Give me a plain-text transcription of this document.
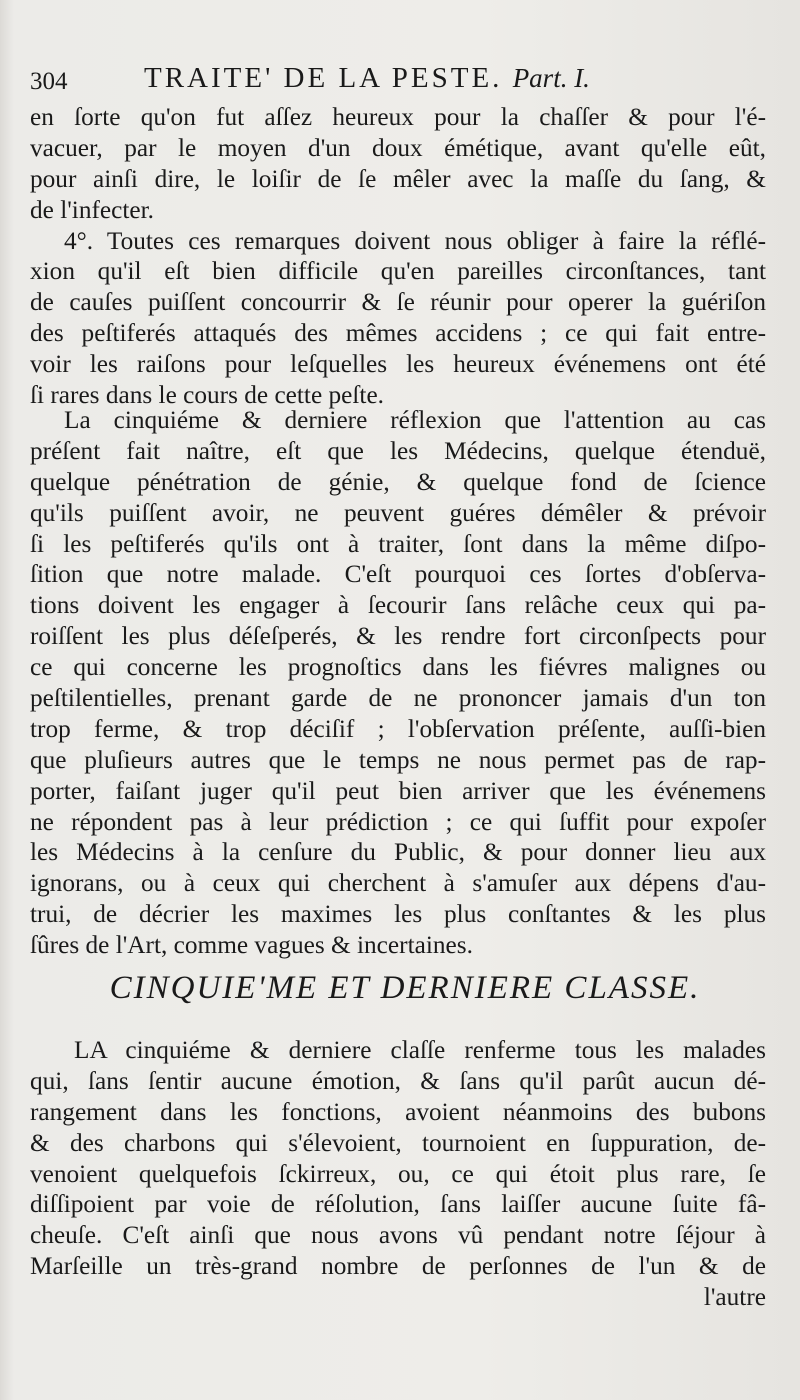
304	TRAITE' DE LA PESTE. Part. I.
en ſorte qu'on fut aſſez heureux pour la chaſſer & pour l'é-
vacuer, par le moyen d'un doux émétique, avant qu'elle eût,
pour ainſi dire, le loiſir de ſe mêler avec la maſſe du ſang, &
de l'infecter.
4°. Toutes ces remarques doivent nous obliger à faire la réflé-
xion qu'il eſt bien difficile qu'en pareilles circonſtances, tant
de cauſes puiſſent concourrir & ſe réunir pour operer la guériſon
des peſtiferés attaqués des mêmes accidens ; ce qui fait entre-
voir les raiſons pour leſquelles les heureux événemens ont été
ſi rares dans le cours de cette peſte.
La cinquiéme & derniere réflexion que l'attention au cas
préſent fait naître, eſt que les Médecins, quelque étenduë,
quelque pénétration de génie, & quelque fond de ſcience
qu'ils puiſſent avoir, ne peuvent guéres démêler & prévoir
ſi les peſtiferés qu'ils ont à traiter, ſont dans la même diſpo-
ſition que notre malade. C'eſt pourquoi ces ſortes d'obſerva-
tions doivent les engager à ſecourir ſans relâche ceux qui pa-
roiſſent les plus déſeſperés, & les rendre fort circonſpects pour
ce qui concerne les prognoſtics dans les fiévres malignes ou
peſtilentielles, prenant garde de ne prononcer jamais d'un ton
trop ferme, & trop déciſif ; l'obſervation préſente, auſſi-bien
que pluſieurs autres que le temps ne nous permet pas de rap-
porter, faiſant juger qu'il peut bien arriver que les événemens
ne répondent pas à leur prédiction ; ce qui ſuffit pour expoſer
les Médecins à la cenſure du Public, & pour donner lieu aux
ignorans, ou à ceux qui cherchent à s'amuſer aux dépens d'au-
trui, de décrier les maximes les plus conſtantes & les plus
ſûres de l'Art, comme vagues & incertaines.
CINQUIE'ME ET DERNIERE CLASSE.
LA cinquiéme & derniere claſſe renferme tous les malades
qui, ſans ſentir aucune émotion, & ſans qu'il parût aucun dé-
rangement dans les fonctions, avoient néanmoins des bubons
& des charbons qui s'élevoient, tournoient en ſuppuration, de-
venoient quelquefois ſckirreux, ou, ce qui étoit plus rare, ſe
diſſipoient par voie de réſolution, ſans laiſſer aucune ſuite fâ-
cheuſe. C'eſt ainſi que nous avons vû pendant notre ſéjour à
Marſeille un très-grand nombre de perſonnes de l'un & de
l'autre
